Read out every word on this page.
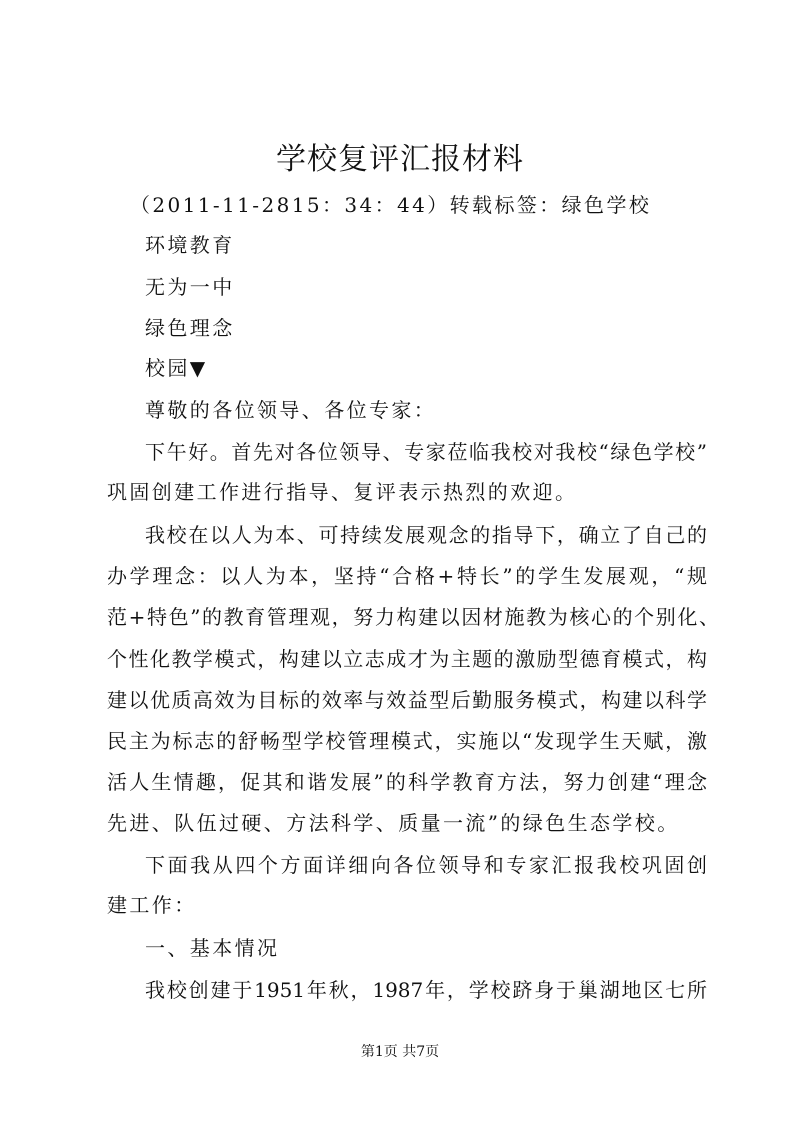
学校复评汇报材料
（2011-11-2815：34：44）转载标签：绿色学校
环境教育
无为一中
绿色理念
校园▼
尊敬的各位领导、各位专家：
下午好。首先对各位领导、专家莅临我校对我校“绿色学校”
巩固创建工作进行指导、复评表示热烈的欢迎。
我校在以人为本、可持续发展观念的指导下，确立了自己的
办学理念：以人为本，坚持“合格+特长”的学生发展观，“规
范+特色”的教育管理观，努力构建以因材施教为核心的个别化、
个性化教学模式，构建以立志成才为主题的激励型德育模式，构
建以优质高效为目标的效率与效益型后勤服务模式，构建以科学
民主为标志的舒畅型学校管理模式，实施以“发现学生天赋，激
活人生情趣，促其和谐发展”的科学教育方法，努力创建“理念
先进、队伍过硬、方法科学、质量一流”的绿色生态学校。
下面我从四个方面详细向各位领导和专家汇报我校巩固创
建工作：
一、基本情况
我校创建于1951年秋，1987年，学校跻身于巢湖地区七所
第1页 共7页
